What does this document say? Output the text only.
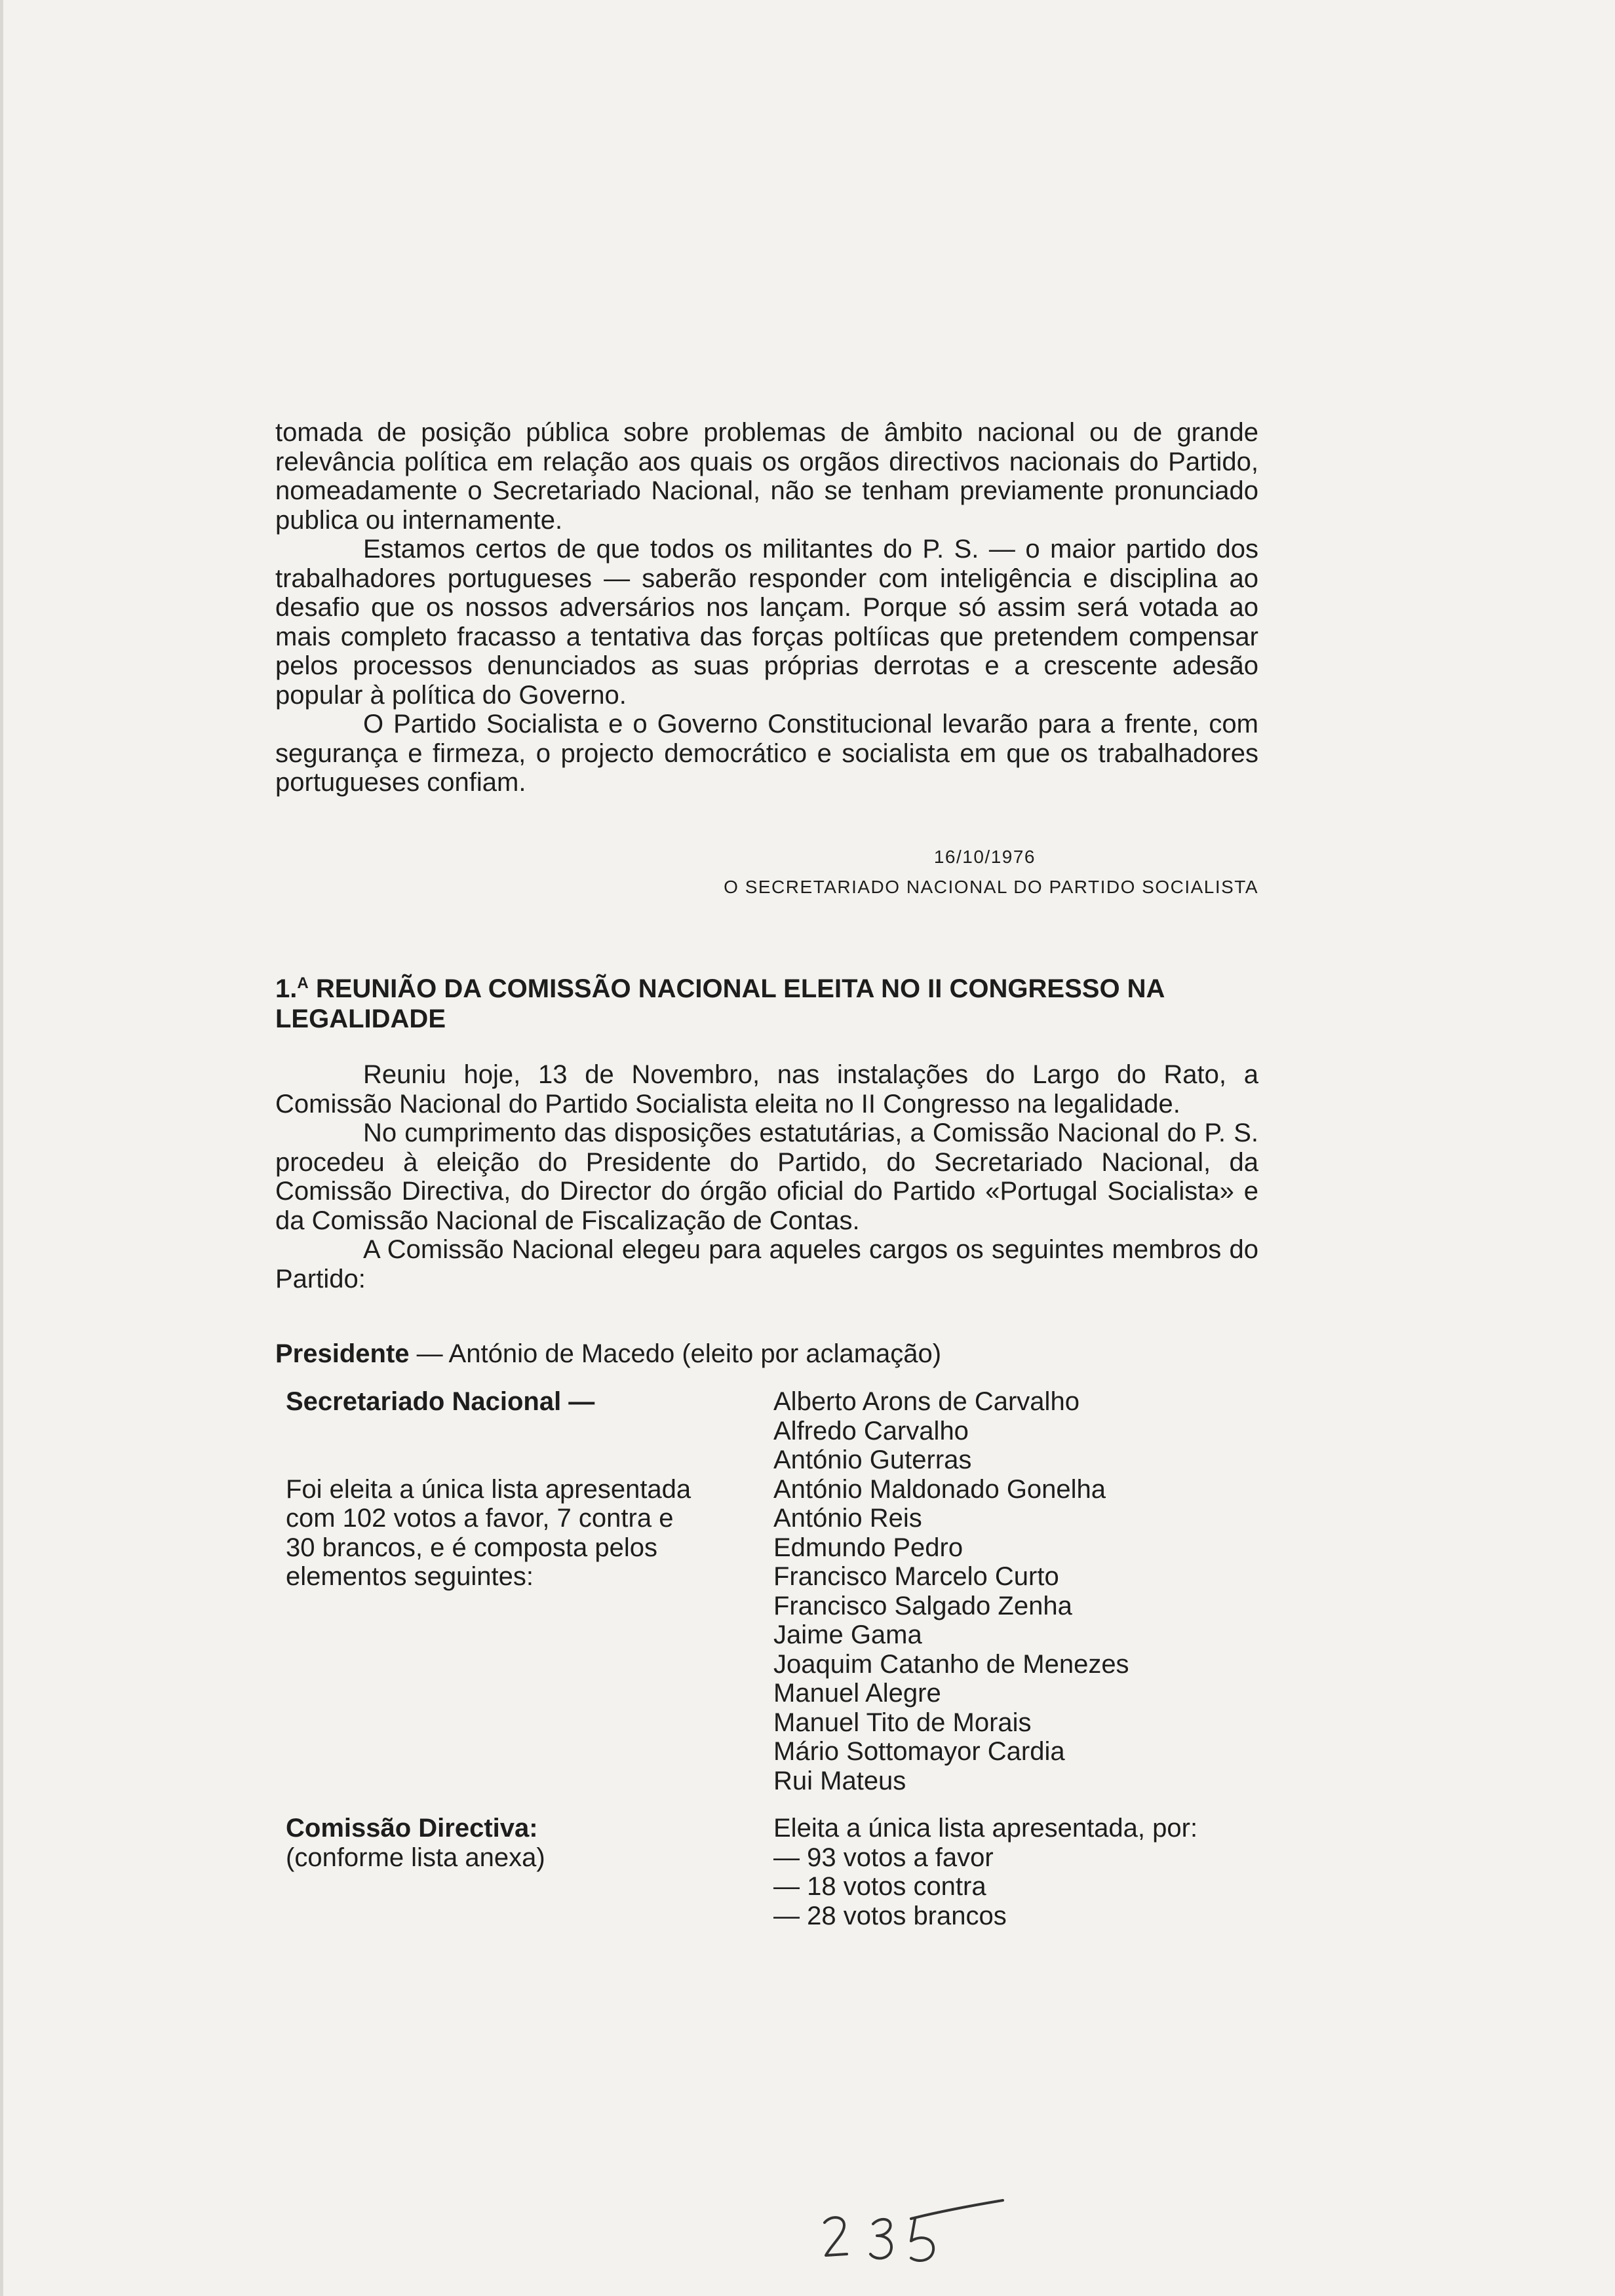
tomada de posição pública sobre problemas de âmbito nacional ou de grande relevância política em relação aos quais os orgãos directivos nacionais do Partido, nomeadamente o Secretariado Nacional, não se tenham previamente pronunciado publica ou internamente.

Estamos certos de que todos os militantes do P. S. — o maior partido dos trabalhadores portugueses — saberão responder com inteligência e disciplina ao desafio que os nossos adversários nos lançam. Porque só assim será votada ao mais completo fracasso a tentativa das forças poltíicas que pretendem compensar pelos processos denunciados as suas próprias derrotas e a crescente adesão popular à política do Governo.

O Partido Socialista e o Governo Constitucional levarão para a frente, com segurança e firmeza, o projecto democrático e socialista em que os trabalhadores portugueses confiam.

16/10/1976
O SECRETARIADO NACIONAL DO PARTIDO SOCIALISTA
1.$^A$ REUNIÃO DA COMISSÃO NACIONAL ELEITA NO II CONGRESSO NA LEGALIDADE

Reuniu hoje, 13 de Novembro, nas instalações do Largo do Rato, a Comissão Nacional do Partido Socialista eleita no II Congresso na legalidade.

No cumprimento das disposições estatutárias, a Comissão Nacional do P. S. procedeu à eleição do Presidente do Partido, do Secretariado Nacional, da Comissão Directiva, do Director do órgão oficial do Partido «Portugal Socialista» e da Comissão Nacional de Fiscalização de Contas.

A Comissão Nacional elegeu para aqueles cargos os seguintes membros do Partido:

Presidente — António de Macedo (eleito por aclamação)
Secretariado Nacional —
Foi eleita a única lista apresentada
com 102 votos a favor, 7 contra e
30 brancos, e é composta pelos
elementos seguintes:
Alberto Arons de Carvalho
Alfredo Carvalho
António Guterras
António Maldonado Gonelha
António Reis
Edmundo Pedro
Francisco Marcelo Curto
Francisco Salgado Zenha
Jaime Gama
Joaquim Catanho de Menezes
Manuel Alegre
Manuel Tito de Morais
Mário Sottomayor Cardia
Rui Mateus
Comissão Directiva:
(conforme lista anexa)
Eleita a única lista apresentada, por:
— 93 votos a favor
— 18 votos contra
— 28 votos brancos
